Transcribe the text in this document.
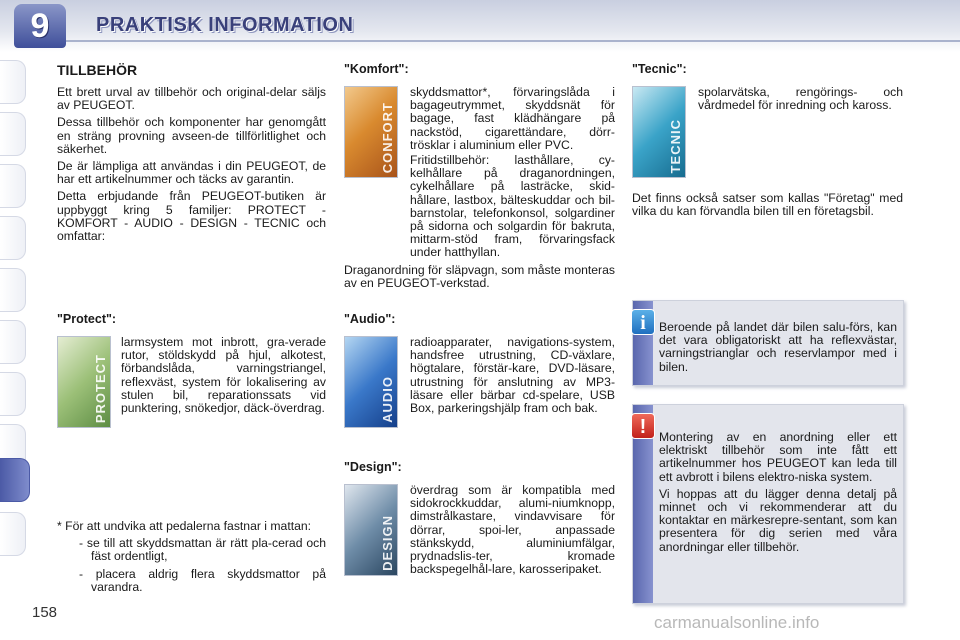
9	PRAKTISK INFORMATION
TILLBEHÖR

Ett brett urval av tillbehör och original-delar säljs av PEUGEOT.

Dessa tillbehör och komponenter har genomgått en sträng provning avseen-de tillförlitlighet och säkerhet.

De är lämpliga att användas i din PEUGEOT, de har ett artikelnummer och täcks av garantin.

Detta erbjudande från PEUGEOT-butiken är uppbyggt kring 5 familjer: PROTECT - KOMFORT - AUDIO - DESIGN - TECNIC och omfattar:

"Protect":
PROTECT
larmsystem mot inbrott, gra-verade rutor, stöldskydd på hjul, alkotest, förbandslåda, varningstriangel, reflexväst, system för lokalisering av stulen bil, reparationssats vid punktering, snökedjor, däck-överdrag.

* För att undvika att pedalerna fastnar i mattan:

- se till att skyddsmattan är rätt pla-cerad och fäst ordentligt,

- placera aldrig flera skyddsmattor på varandra.

"Komfort":
CONFORT

skyddsmattor*, förvaringslåda i bagageutrymmet, skyddsnät för bagage, fast klädhängare på nackstöd, cigarettändare, dörr-trösklar i aluminium eller PVC.

Fritidstillbehör: lasthållare, cy-kelhållare på draganordningen, cykelhållare på lasträcke, skid-hållare, lastbox, bälteskuddar och bil-barnstolar, telefonkonsol, solgardiner på sidorna och solgardin för bakruta, mittarm-stöd fram, förvaringsfack under hatthyllan.

Draganordning för släpvagn, som måste monteras av en PEUGEOT-verkstad.

"Audio":
AUDIO
radioapparater, navigations-system, handsfree utrustning, CD-växlare, högtalare, förstär-kare, DVD-läsare, utrustning för anslutning av MP3-läsare eller bärbar cd-spelare, USB Box, parkeringshjälp fram och bak.
"Design":
DESIGN
överdrag som är kompatibla med sidokrockkuddar, alumi-niumknopp, dimstrålkastare, vindavvisare för dörrar, spoi-ler, anpassade stänkskydd, aluminiumfälgar, prydnadslis-ter, kromade backspegelhål-lare, karosseripaket.
"Tecnic":
TECNIC

spolarvätska, rengörings- och vårdmedel för inredning och kaross.

Det finns också satser som kallas "Företag" med vilka du kan förvandla bilen till en företagsbil.

i	Beroende på landet där bilen salu-förs, kan det vara obligatoriskt att ha reflexvästar, varningstrianglar och reservlampor med i bilen.
!	Montering av en anordning eller ett elektriskt tillbehör som inte fått ett artikelnummer hos PEUGEOT kan leda till ett avbrott i bilens elektro-niska system.

Vi hoppas att du lägger denna detalj på minnet och vi rekommenderar att du kontaktar en märkesrepre-sentant, som kan presentera för dig serien med våra anordningar eller tillbehör.

158
carmanualsonline.info
